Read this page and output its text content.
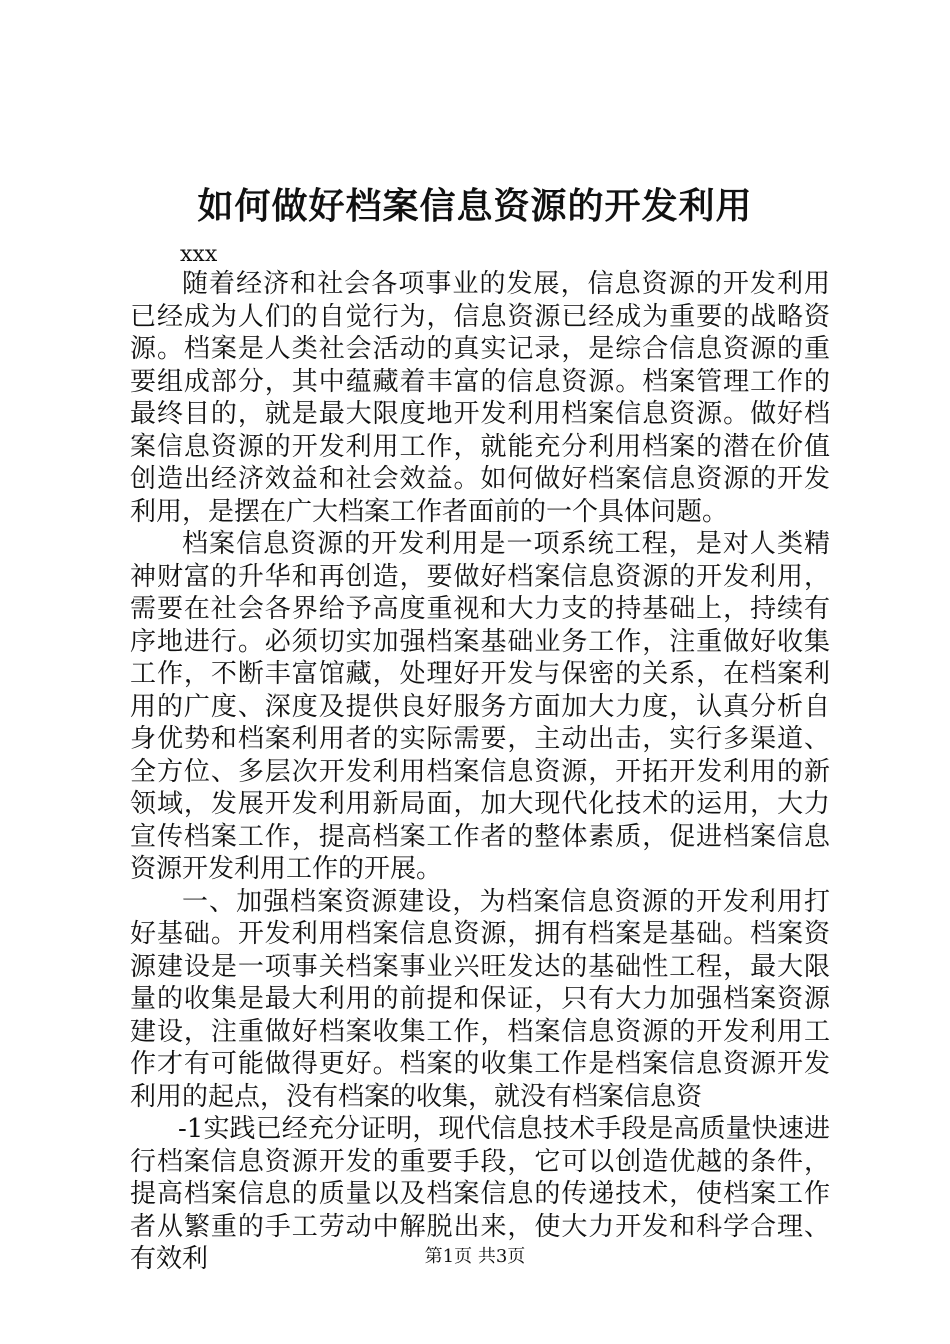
如何做好档案信息资源的开发利用
xxx

随着经济和社会各项事业的发展，信息资源的开发利用已经成为人们的自觉行为，信息资源已经成为重要的战略资源。档案是人类社会活动的真实记录，是综合信息资源的重要组成部分，其中蕴藏着丰富的信息资源。档案管理工作的最终目的，就是最大限度地开发利用档案信息资源。做好档案信息资源的开发利用工作，就能充分利用档案的潜在价值创造出经济效益和社会效益。如何做好档案信息资源的开发利用，是摆在广大档案工作者面前的一个具体问题。

档案信息资源的开发利用是一项系统工程，是对人类精神财富的升华和再创造，要做好档案信息资源的开发利用，需要在社会各界给予高度重视和大力支的持基础上，持续有序地进行。必须切实加强档案基础业务工作，注重做好收集工作，不断丰富馆藏，处理好开发与保密的关系，在档案利用的广度、深度及提供良好服务方面加大力度，认真分析自身优势和档案利用者的实际需要，主动出击，实行多渠道、全方位、多层次开发利用档案信息资源，开拓开发利用的新领域，发展开发利用新局面，加大现代化技术的运用，大力宣传档案工作，提高档案工作者的整体素质，促进档案信息资源开发利用工作的开展。

一、加强档案资源建设，为档案信息资源的开发利用打好基础。开发利用档案信息资源，拥有档案是基础。档案资源建设是一项事关档案事业兴旺发达的基础性工程，最大限量的收集是最大利用的前提和保证，只有大力加强档案资源建设，注重做好档案收集工作，档案信息资源的开发利用工作才有可能做得更好。档案的收集工作是档案信息资源开发利用的起点，没有档案的收集，就没有档案信息资

-1实践已经充分证明，现代信息技术手段是高质量快速进行档案信息资源开发的重要手段，它可以创造优越的条件，提高档案信息的质量以及档案信息的传递技术，使档案工作者从繁重的手工劳动中解脱出来，使大力开发和科学合理、有效利	第1页 共3页
